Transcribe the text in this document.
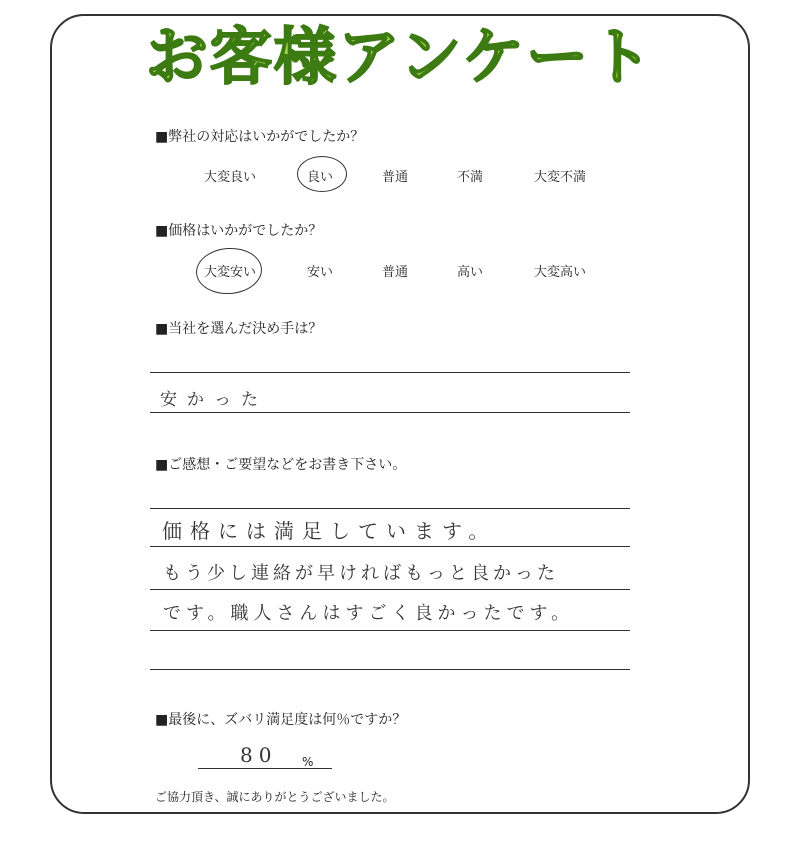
お客様アンケート
■弊社の対応はいかがでしたか？
大変良い	良い	普通	不満	大変不満
■価格はいかがでしたか？
大変安い	安い	普通	高い	大変高い
■当社を選んだ決め手は？
安かった
■ご感想・ご要望などをお書き下さい。
価格には満足しています。
もう少し連絡が早ければもっと良かった
です。職人さんはすごく良かったです。
■最後に、ズバリ満足度は何％ですか？
80 %
ご協力頂き、誠にありがとうございました。
